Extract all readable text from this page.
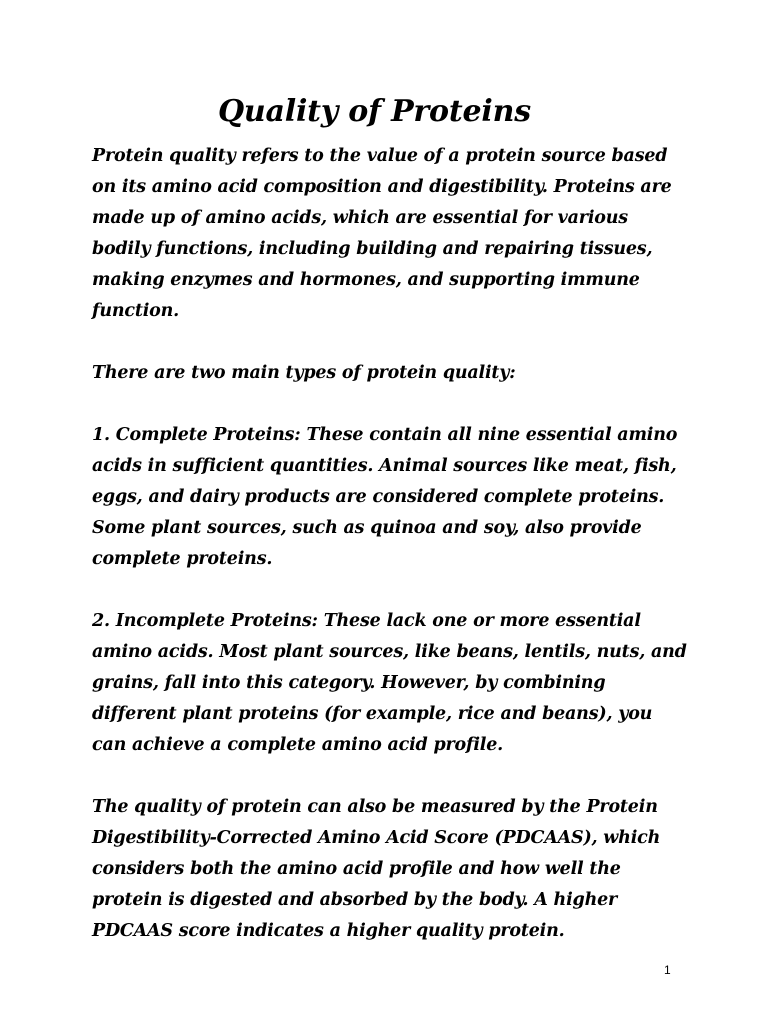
Quality of Proteins

Protein quality refers to the value of a protein source based on its amino acid composition and digestibility. Proteins are made up of amino acids, which are essential for various bodily functions, including building and repairing tissues, making enzymes and hormones, and supporting immune function.

There are two main types of protein quality:

1. Complete Proteins: These contain all nine essential amino acids in sufficient quantities. Animal sources like meat, fish, eggs, and dairy products are considered complete proteins. Some plant sources, such as quinoa and soy, also provide complete proteins.

2. Incomplete Proteins: These lack one or more essential amino acids. Most plant sources, like beans, lentils, nuts, and grains, fall into this category. However, by combining different plant proteins (for example, rice and beans), you can achieve a complete amino acid profile.

The quality of protein can also be measured by the Protein Digestibility-Corrected Amino Acid Score (PDCAAS), which considers both the amino acid profile and how well the protein is digested and absorbed by the body. A higher PDCAAS score indicates a higher quality protein.

1
